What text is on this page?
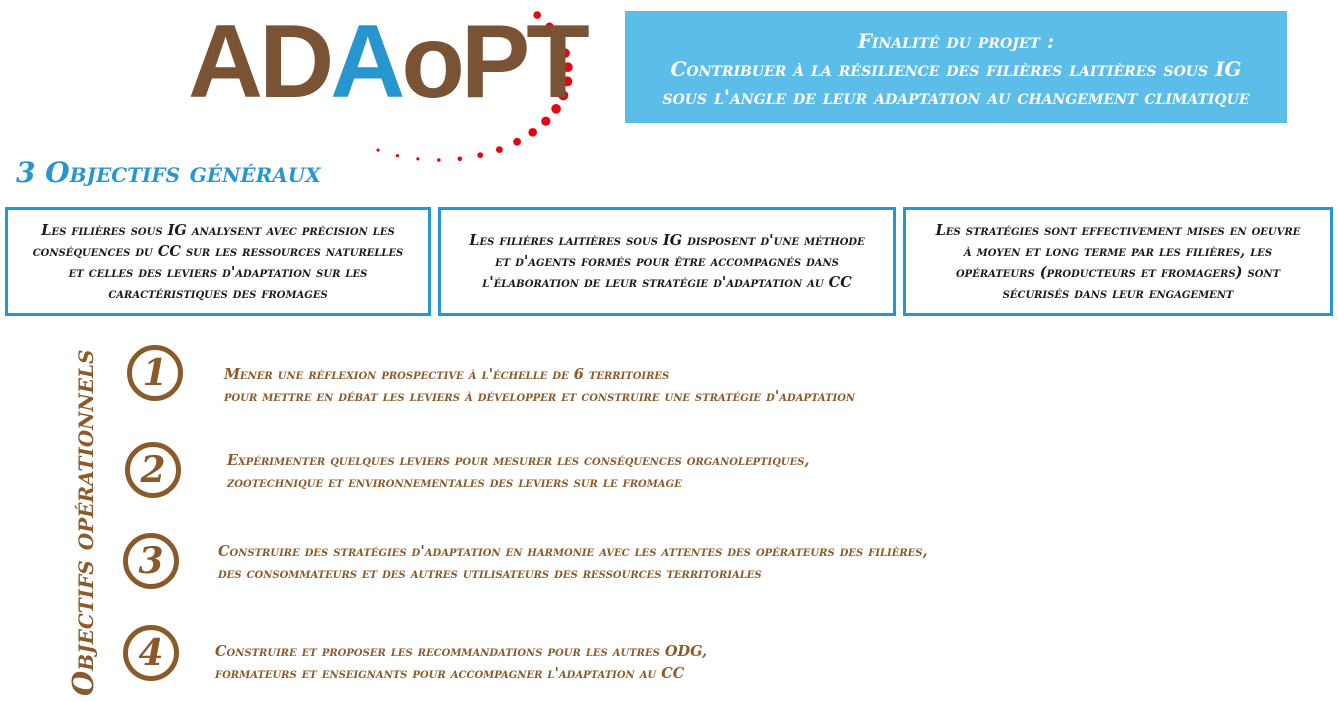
ADAoPT	Finalité du projet :
Contribuer à la résilience des filières laitières sous IG
sous l'angle de leur adaptation au changement climatique
3 Objectifs généraux
Les filières sous IG analysent avec précision les
conséquences du CC sur les ressources naturelles
et celles des leviers d'adaptation sur les
caractéristiques des fromages
Les filières laitières sous IG disposent d'une méthode
et d'agents formés pour être accompagnés dans
l'élaboration de leur stratégie d'adaptation au CC
Les stratégies sont effectivement mises en oeuvre
à moyen et long terme par les filières, les
opérateurs (producteurs et fromagers) sont
sécurisés dans leur engagement
Objectifs opérationnels	1	Mener une réflexion prospective à l'échelle de 6 territoires
pour mettre en débat les leviers à développer et construire une stratégie d'adaptation
2	Expérimenter quelques leviers pour mesurer les conséquences organoleptiques,
zootechnique et environnementales des leviers sur le fromage
3	Construire des stratégies d'adaptation en harmonie avec les attentes des opérateurs des filières,
des consommateurs et des autres utilisateurs des ressources territoriales
4	Construire et proposer les recommandations pour les autres ODG,
formateurs et enseignants pour accompagner l'adaptation au CC
